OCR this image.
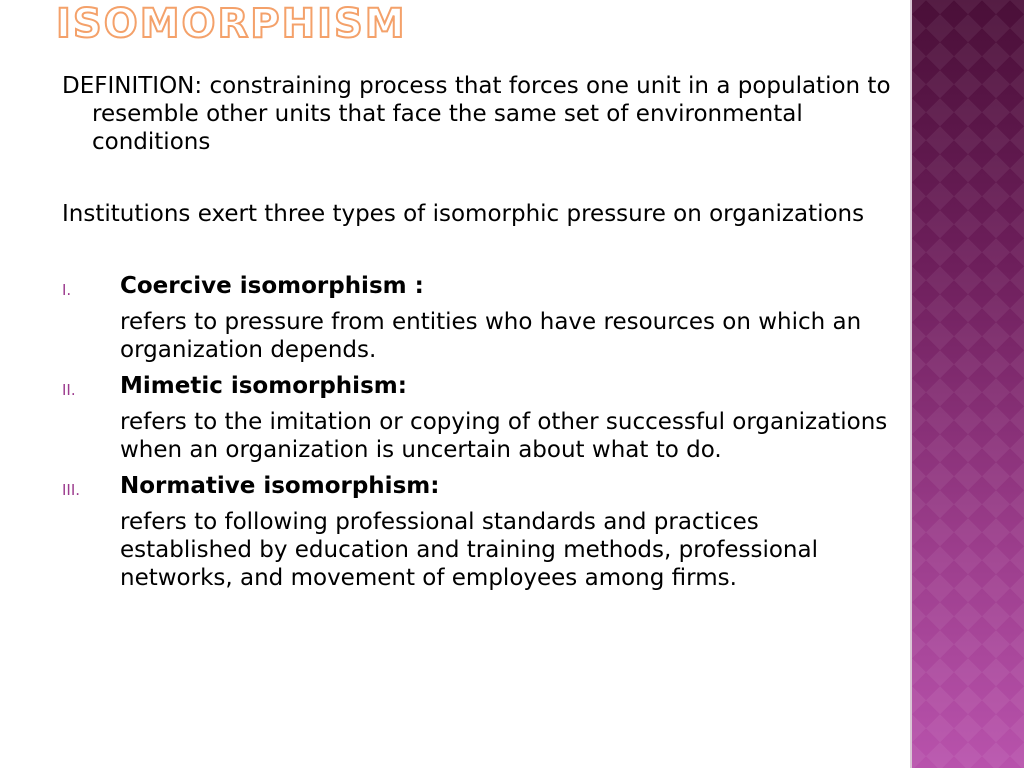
ISOMORPHISM

DEFINITION: constraining process that forces one unit in a population to resemble other units that face the same set of environmental conditions

Institutions exert three types of isomorphic pressure on organizations

I. Coercive isomorphism :

refers to pressure from entities who have resources on which an organization depends.

II. Mimetic isomorphism:

refers to the imitation or copying of other successful organizations when an organization is uncertain about what to do.

III. Normative isomorphism:

refers to following professional standards and practices established by education and training methods, professional networks, and movement of employees among firms.
